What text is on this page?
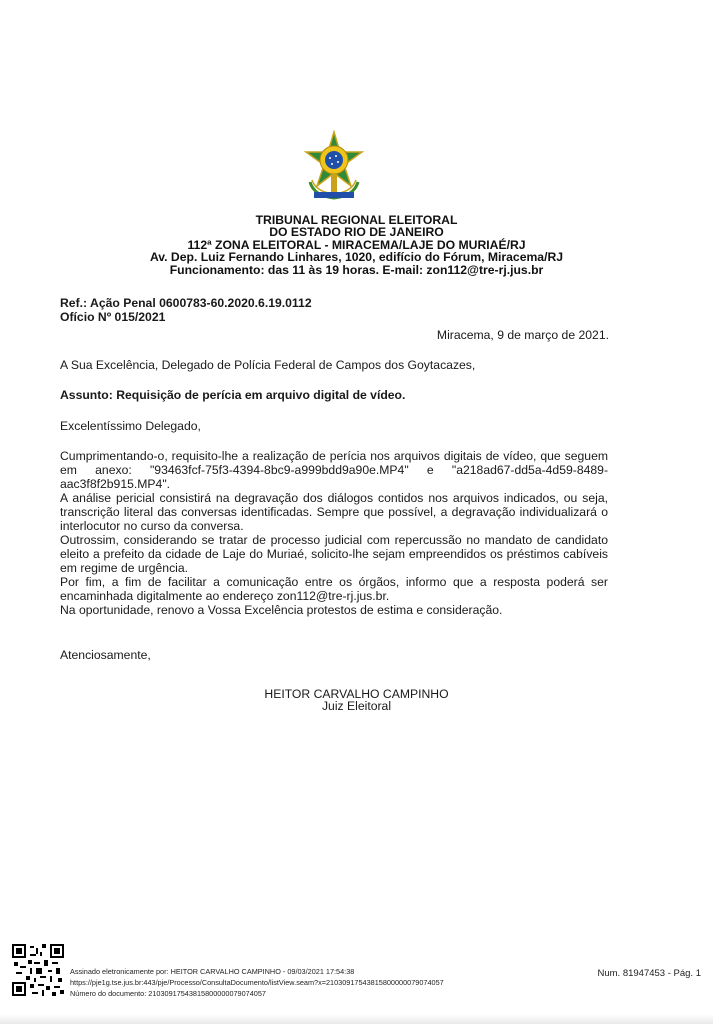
TRIBUNAL REGIONAL ELEITORAL
DO ESTADO RIO DE JANEIRO
112ª ZONA ELEITORAL - MIRACEMA/LAJE DO MURIAÉ/RJ
Av. Dep. Luiz Fernando Linhares, 1020, edifício do Fórum, Miracema/RJ
Funcionamento: das 11 às 19 horas. E-mail: zon112@tre-rj.jus.br
Ref.: Ação Penal 0600783-60.2020.6.19.0112
Ofício Nº 015/2021
Miracema, 9 de março de 2021.
A Sua Excelência, Delegado de Polícia Federal de Campos dos Goytacazes,
Assunto: Requisição de perícia em arquivo digital de vídeo.
Excelentíssimo Delegado,

Cumprimentando-o, requisito-lhe a realização de perícia nos arquivos digitais de vídeo, que seguem em anexo: "93463fcf-75f3-4394-8bc9-a999bdd9a90e.MP4" e "a218ad67-dd5a-4d59-8489-aac3f8f2b915.MP4".

A análise pericial consistirá na degravação dos diálogos contidos nos arquivos indicados, ou seja, transcrição literal das conversas identificadas. Sempre que possível, a degravação individualizará o interlocutor no curso da conversa.

Outrossim, considerando se tratar de processo judicial com repercussão no mandato de candidato eleito a prefeito da cidade de Laje do Muriaé, solicito-lhe sejam empreendidos os préstimos cabíveis em regime de urgência.

Por fim, a fim de facilitar a comunicação entre os órgãos, informo que a resposta poderá ser encaminhada digitalmente ao endereço zon112@tre-rj.jus.br.

Na oportunidade, renovo a Vossa Excelência protestos de estima e consideração.

Atenciosamente,
HEITOR CARVALHO CAMPINHO
Juiz Eleitoral
Assinado eletronicamente por: HEITOR CARVALHO CAMPINHO - 09/03/2021 17:54:38
https://pje1g.tse.jus.br:443/pje/Processo/ConsultaDocumento/listView.seam?x=21030917543815800000079074057
Número do documento: 21030917543815800000079074057
Num. 81947453 - Pág. 1
